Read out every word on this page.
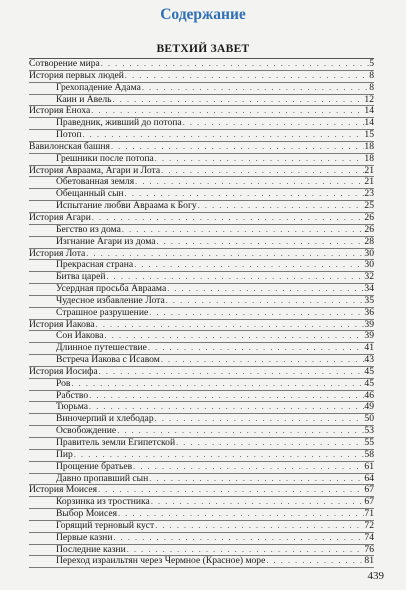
Содержание
ВЕТХИЙ ЗАВЕТ
Сотворение мира . . .	5
История первых людей . . .	8
Грехопадение Адама . . .	8
Каин и Авель . . .	12
История Еноха . . .	14
Праведник, живший до потопа . . .	14
Потоп . . .	15
Вавилонская башня . . .	18
Грешники после потопа . . .	18
История Авраама, Агари и Лота . . .	21
Обетованная земля . . .	21
Обещанный сын . . .	23
Испытание любви Авраама к Богу . . .	25
История Агари . . .	26
Бегство из дома . . .	26
Изгнание Агари из дома . . .	28
История Лота . . .	30
Прекрасная страна . . .	30
Битва царей . . .	32
Усердная просьба Авраама . . .	34
Чудесное избавление Лота . . .	35
Страшное разрушение . . .	36
История Иакова . . .	39
Сон Иакова . . .	39
Длинное путешествие . . .	41
Встреча Иакова с Исавом . . .	43
История Иосифа . . .	45
Ров . . .	45
Рабство . . .	46
Тюрьма . . .	49
Виночерпий и хлебодар . . .	50
Освобождение . . .	53
Правитель земли Египетской . . .	55
Пир . . .	58
Прощение братьев . . .	61
Давно пропавший сын . . .	64
История Моисея . . .	67
Корзинка из тростника . . .	67
Выбор Моисея . . .	71
Горящий терновый куст . . .	72
Первые казни . . .	74
Последние казни . . .	76
Переход израильтян через Чермное (Красное) море . . .	81
439
